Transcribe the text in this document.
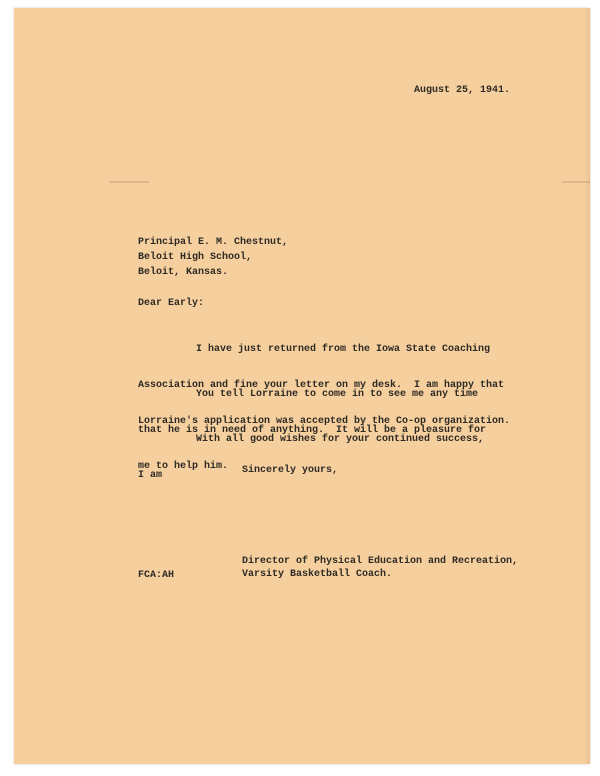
August 25, 1941.
Principal E. M. Chestnut,
Beloit High School,
Beloit, Kansas.
Dear Early:

I have just returned from the Iowa State Coaching

Association and fine your letter on my desk.  I am happy that

Lorraine's application was accepted by the Co-op organization.

You tell Lorraine to come in to see me any time

that he is in need of anything.  It will be a pleasure for

me to help him.

With all good wishes for your continued success,

I am

	Sincerely yours,
Director of Physical Education and Recreation,
Varsity Basketball Coach.
FCA:AH
